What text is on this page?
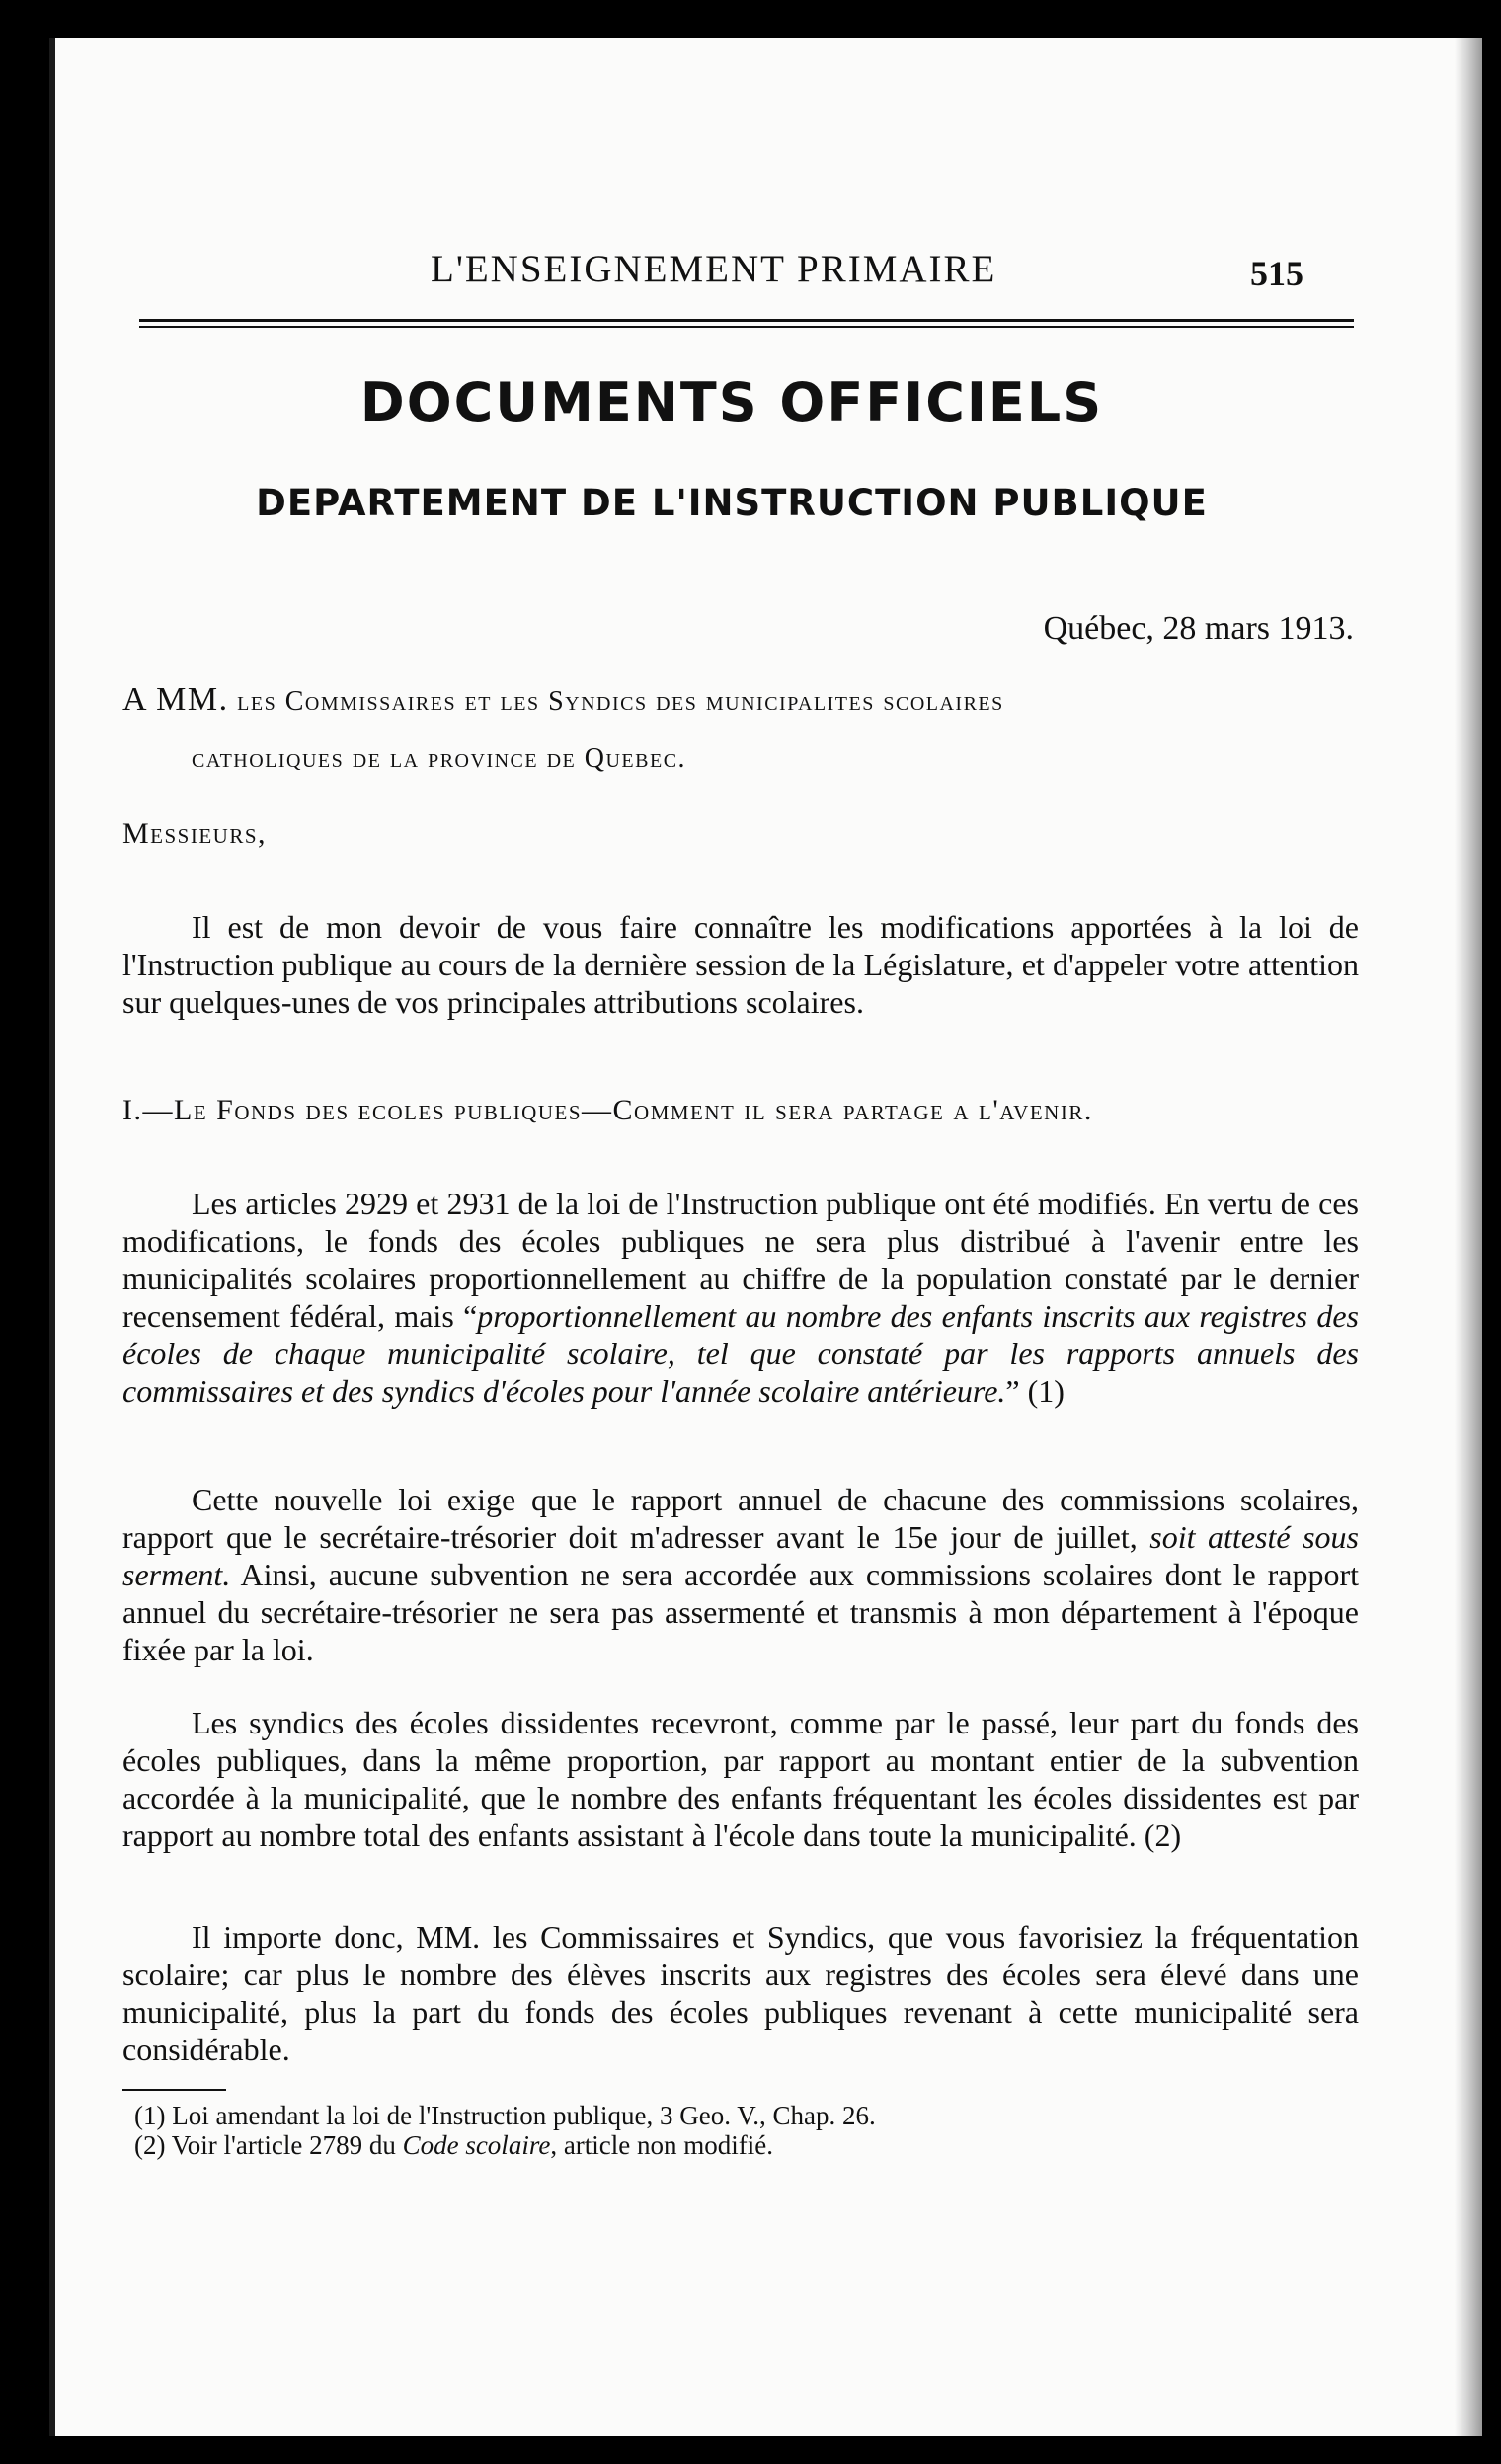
L'ENSEIGNEMENT PRIMAIRE	515
DOCUMENTS OFFICIELS
DEPARTEMENT DE L'INSTRUCTION PUBLIQUE
Québec, 28 mars 1913.
A MM. les Commissaires et les Syndics des municipalites scolaires
catholiques de la province de Quebec.
Messieurs,
Il est de mon devoir de vous faire connaître les modifications apportées à la loi de l'Instruction publique au cours de la dernière session de la Législature, et d'appeler votre attention sur quelques-unes de vos principales attributions scolaires.
I.—Le Fonds des ecoles publiques—Comment il sera partage a l'avenir.
Les articles 2929 et 2931 de la loi de l'Instruction publique ont été modifiés. En vertu de ces modifications, le fonds des écoles publiques ne sera plus distribué à l'avenir entre les municipalités scolaires proportionnellement au chiffre de la population constaté par le dernier recensement fédéral, mais “proportionnellement au nombre des enfants inscrits aux registres des écoles de chaque municipalité scolaire, tel que constaté par les rapports annuels des commissaires et des syndics d'écoles pour l'année scolaire antérieure.” (1)
Cette nouvelle loi exige que le rapport annuel de chacune des commissions scolaires, rapport que le secrétaire-trésorier doit m'adresser avant le 15e jour de juillet, soit attesté sous serment. Ainsi, aucune subvention ne sera accordée aux commissions scolaires dont le rapport annuel du secrétaire-trésorier ne sera pas assermenté et transmis à mon département à l'époque fixée par la loi.
Les syndics des écoles dissidentes recevront, comme par le passé, leur part du fonds des écoles publiques, dans la même proportion, par rapport au montant entier de la subvention accordée à la municipalité, que le nombre des enfants fréquentant les écoles dissidentes est par rapport au nombre total des enfants assistant à l'école dans toute la municipalité. (2)
Il importe donc, MM. les Commissaires et Syndics, que vous favorisiez la fréquentation scolaire; car plus le nombre des élèves inscrits aux registres des écoles sera élevé dans une municipalité, plus la part du fonds des écoles publiques revenant à cette municipalité sera considérable.
(1) Loi amendant la loi de l'Instruction publique, 3 Geo. V., Chap. 26.
(2) Voir l'article 2789 du Code scolaire, article non modifié.
